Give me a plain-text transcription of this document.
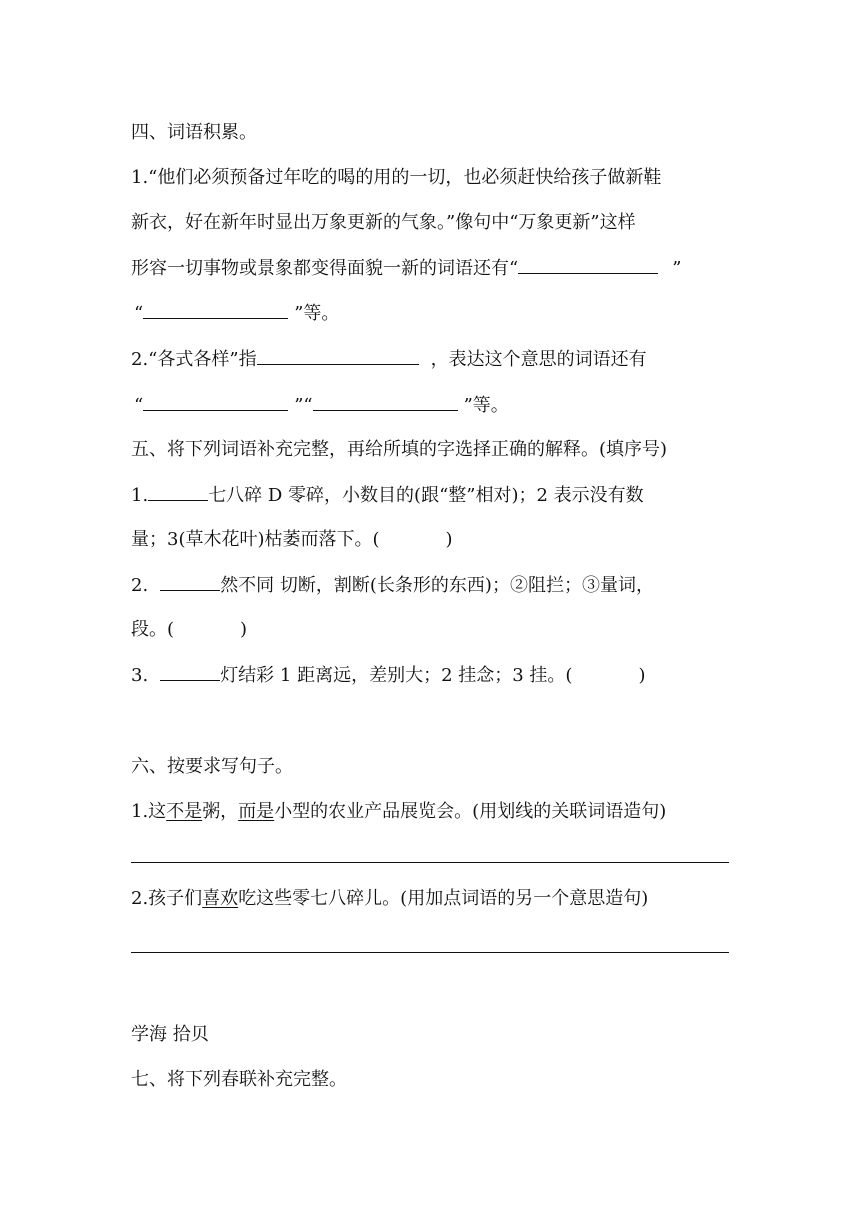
四、词语积累。
1.“他们必须预备过年吃的喝的用的一切，也必须赶快给孩子做新鞋
新衣，好在新年时显出万象更新的气象。”像句中“万象更新”这样
形容一切事物或景象都变得面貌一新的词语还有“	”
“	”等。
2.“各式各样”指	，表达这个意思的词语还有
“	”“	”等。
五、将下列词语补充完整，再给所填的字选择正确的解释。(填序号)
1.	七八碎 D 零碎，小数目的(跟“整”相对)；2 表示没有数
量；3(草木花叶)枯萎而落下。(	)
2.	然不同 切断，割断(长条形的东西)；②阻拦；③量词，
段。(	)
3.	灯结彩 1 距离远，差别大；2 挂念；3 挂。(	)
六、按要求写句子。
1.这不是粥，而是小型的农业产品展览会。(用划线的关联词语造句)
2.孩子们喜欢吃这些零七八碎儿。(用加点词语的另一个意思造句)
学海 拾贝
七、将下列春联补充完整。
